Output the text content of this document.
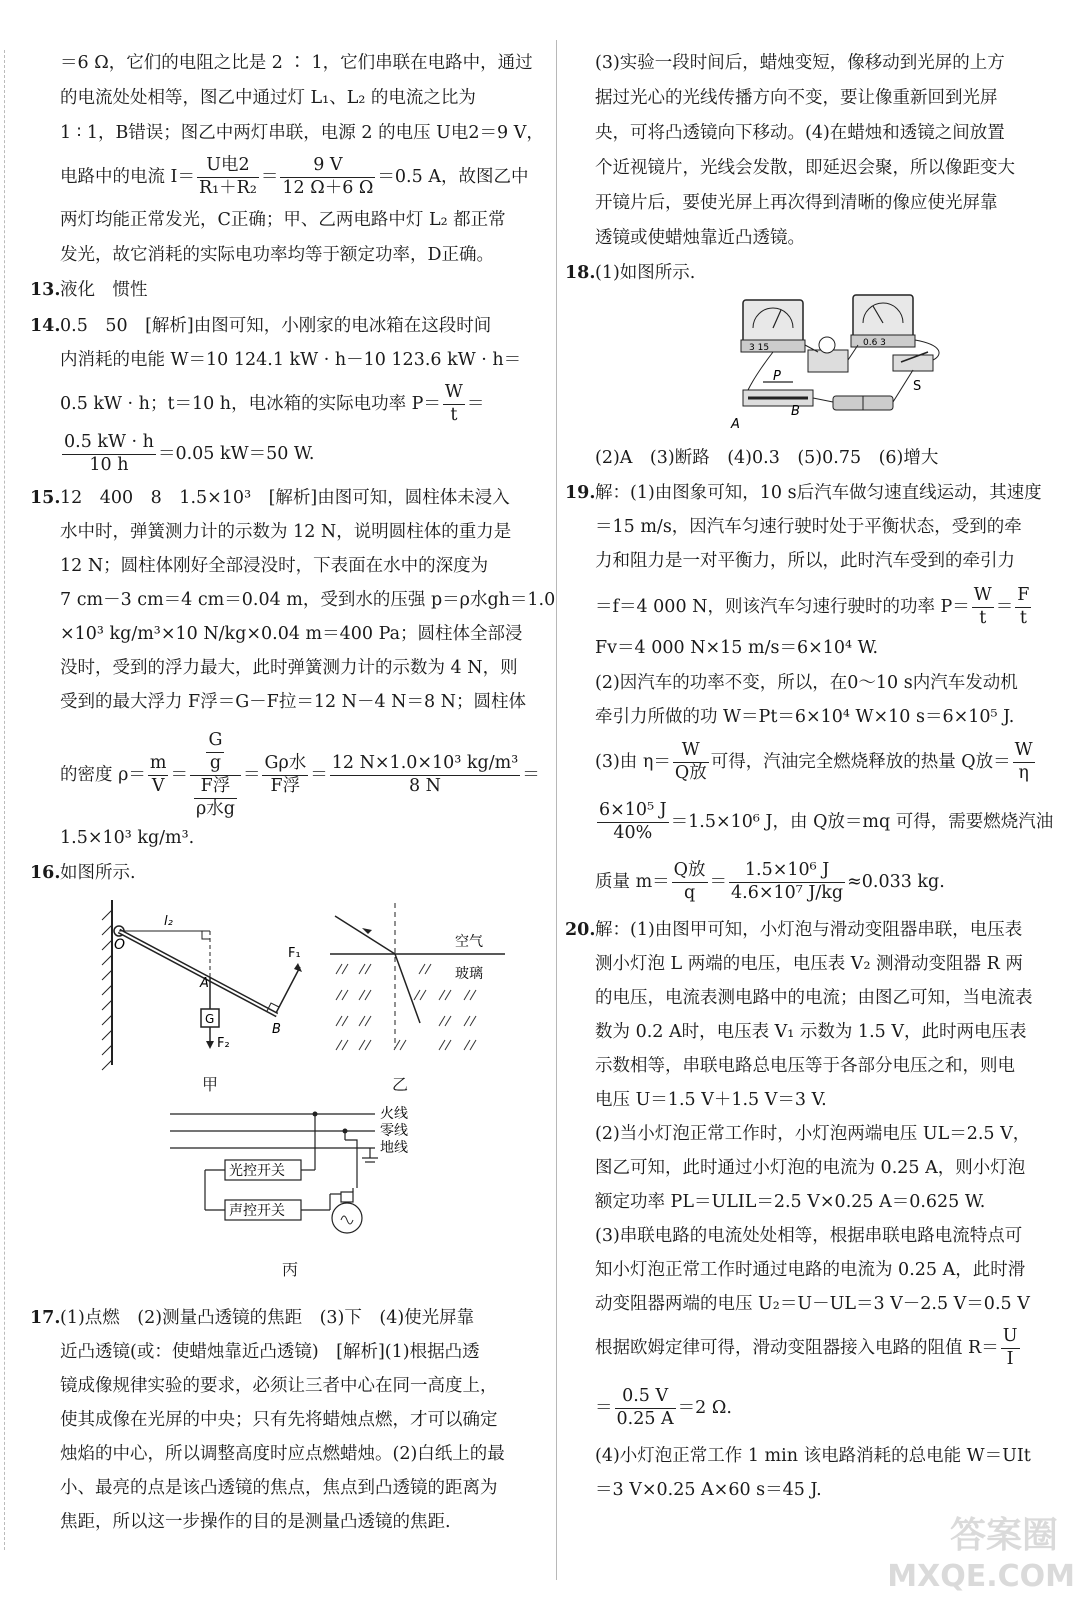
＝6 Ω，它们的电阻之比是 2 ∶ 1，它们串联在电路中，通过
的电流处处相等，图乙中通过灯 L₁、L₂ 的电流之比为
1 ∶ 1，B错误；图乙中两灯串联，电源 2 的电压 U电2＝9 V，
电路中的电流 $I= \frac{\text{U电2}}{\text{R₁＋R₂}} = \frac{9 V}{12 \Omega+6 \Omega} =0.5$ A，故图乙中
两灯均能正常发光，C正确；甲、乙两电路中灯 L₂ 都正常
发光，故它消耗的实际电功率均等于额定功率，D正确。
13. 液化　惯性
14. 0.5　50　[解析]由图可知，小刚家的电冰箱在这段时间
内消耗的电能 W＝10 124.1 kW · h－10 123.6 kW · h＝
0.5 kW · h；t＝10 h，电冰箱的实际电功率 $P= \frac{W}{t}$ ＝
$\frac{0.5 kW \cdot h}{10 h} =0.05$ kW＝50 W.
15. 12　400　8　1.5×10³　[解析]由图可知，圆柱体未浸入
水中时，弹簧测力计的示数为 12 N，说明圆柱体的重力是
12 N；圆柱体刚好全部浸没时，下表面在水中的深度为
7 cm－3 cm＝4 cm＝0.04 m，受到水的压强 p＝ρ水gh＝1.0
×10³ kg/m³×10 N/kg×0.04 m＝400 Pa；圆柱体全部浸
没时，受到的浮力最大，此时弹簧测力计的示数为 4 N，则
受到的最大浮力 F浮＝G－F拉＝12 N－4 N＝8 N；圆柱体
的密度 $\rho= \frac{m}{V} = \frac{\frac{G}{g}}{\frac{\text{F浮}}{\text{ρ水g}}} = \frac{\text{Gρ水}}{\text{F浮}} = \frac{\text{12 N×1.0×10³ kg/m³}}{8 N}$ ＝
1.5×10³ kg/m³.
16. 如图所示.
G
F₂
F₁
l₂
O
A
B
甲
空气
玻璃
乙
火线
零线
地线
光控开关
声控开关
丙
17. (1)点燃　(2)测量凸透镜的焦距　(3)下　(4)使光屏靠
近凸透镜(或：使蜡烛靠近凸透镜)　[解析](1)根据凸透
镜成像规律实验的要求，必须让三者中心在同一高度上，
使其成像在光屏的中央；只有先将蜡烛点燃，才可以确定
烛焰的中心，所以调整高度时应点燃蜡烛。(2)白纸上的最
小、最亮的点是该凸透镜的焦点，焦点到凸透镜的距离为
焦距，所以这一步操作的目的是测量凸透镜的焦距.
(3)实验一段时间后，蜡烛变短，像移动到光屏的上方
据过光心的光线传播方向不变，要让像重新回到光屏
央，可将凸透镜向下移动。(4)在蜡烛和透镜之间放置
个近视镜片，光线会发散，即延迟会聚，所以像距变大
开镜片后，要使光屏上再次得到清晰的像应使光屏靠
透镜或使蜡烛靠近凸透镜。
18. (1)如图所示.
3 15	0.6 3
S
P
B
A
(2)A　(3)断路　(4)0.3　(5)0.75　(6)增大
19. 解：(1)由图象可知，10 s后汽车做匀速直线运动，其速度
＝15 m/s，因汽车匀速行驶时处于平衡状态，受到的牵
力和阻力是一对平衡力，所以，此时汽车受到的牵引力
＝f＝4 000 N，则该汽车匀速行驶时的功率 $P= \frac{W}{t} = \frac{F}{t}$
Fv＝4 000 N×15 m/s＝6×10⁴ W.
(2)因汽车的功率不变，所以，在0～10 s内汽车发动机
牵引力所做的功 W＝Pt＝6×10⁴ W×10 s＝6×10⁵ J.
(3)由 $\eta= \frac{W}{\text{Q放}}$ 可得，汽油完全燃烧释放的热量 Q放＝ $\frac{W}{\eta}$
$\frac{\text{6×10⁵ J}}{40\%} =1.5\times 10^6$ J，由 Q放＝mq 可得，需要燃烧汽油
质量 $m= \frac{\text{Q放}}{q} = \frac{\text{1.5×10⁶ J}}{\text{4.6×10⁷ J/kg}} \approx 0.033$ kg.
20. 解：(1)由图甲可知，小灯泡与滑动变阻器串联，电压表
测小灯泡 L 两端的电压，电压表 V₂ 测滑动变阻器 R 两
的电压，电流表测电路中的电流；由图乙可知，当电流表
数为 0.2 A时，电压表 V₁ 示数为 1.5 V，此时两电压表
示数相等，串联电路总电压等于各部分电压之和，则电
电压 U＝1.5 V＋1.5 V＝3 V.
(2)当小灯泡正常工作时，小灯泡两端电压 UL＝2.5 V，
图乙可知，此时通过小灯泡的电流为 0.25 A，则小灯泡
额定功率 PL＝ULIL＝2.5 V×0.25 A＝0.625 W.
(3)串联电路的电流处处相等，根据串联电路电流特点可
知小灯泡正常工作时通过电路的电流为 0.25 A，此时滑
动变阻器两端的电压 U₂＝U－UL＝3 V－2.5 V＝0.5 V
根据欧姆定律可得，滑动变阻器接入电路的阻值 $R= \frac{U}{I}$
＝ $\frac{0.5 V}{0.25 A} =2$ Ω.
(4)小灯泡正常工作 1 min 该电路消耗的总电能 W＝UIt
＝3 V×0.25 A×60 s＝45 J.
答案圈
MXQE.COM
